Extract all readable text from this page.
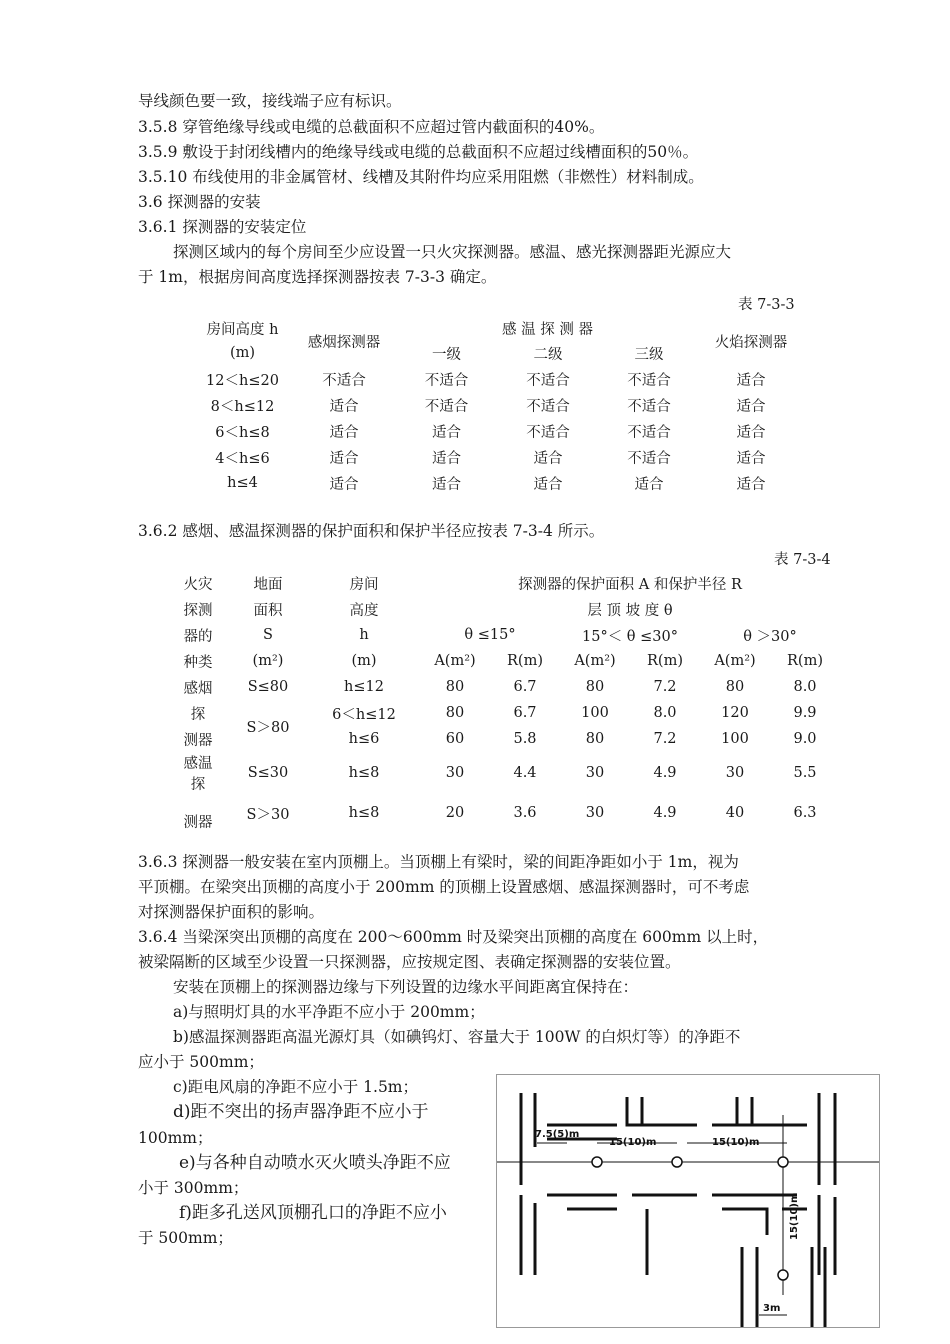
导线颜色要一致，接线端子应有标识。
3.5.8 穿管绝缘导线或电缆的总截面积不应超过管内截面积的40%。
3.5.9 敷设于封闭线槽内的绝缘导线或电缆的总截面积不应超过线槽面积的50％。
3.5.10 布线使用的非金属管材、线槽及其附件均应采用阻燃（非燃性）材料制成。
3.6 探测器的安装
3.6.1 探测器的安装定位
探测区域内的每个房间至少应设置一只火灾探测器。感温、感光探测器距光源应大
于 1m，根据房间高度选择探测器按表 7-3-3 确定。
表 7-3-3
房间高度 h	感烟探测器	感 温 探 测 器			火焰探测器
(m)		一级	二级	三级	
12＜h≤20	不适合	不适合	不适合	不适合	适合
8＜h≤12	适合	不适合	不适合	不适合	适合
6＜h≤8	适合	适合	不适合	不适合	适合
4＜h≤6	适合	适合	适合	不适合	适合
h≤4	适合	适合	适合	适合	适合
3.6.2 感烟、感温探测器的保护面积和保护半径应按表 7-3-4 所示。
表 7-3-4
火灾	地面	房间	探测器的保护面积 A 和保护半径 R					
探测	面积	高度	层 顶 坡 度 θ					
器的	S	h	θ ≤15°		15°＜ θ ≤30°		θ ＞30°	
种类	(m²)	(m)	A(m²)	R(m)	A(m²)	R(m)	A(m²)	R(m)
感烟	S≤80	h≤12	80	6.7	80	7.2	80	8.0
探	S＞80	6＜h≤12	80	6.7	100	8.0	120	9.9
测器		h≤6	60	5.8	80	7.2	100	9.0

感温
探	S≤30	h≤8	30	4.4	30	4.9	30	5.5
测器	S＞30	h≤8	20	3.6	30	4.9	40	6.3
3.6.3 探测器一般安装在室内顶棚上。当顶棚上有梁时，梁的间距净距如小于 1m，视为
平顶棚。在梁突出顶棚的高度小于 200mm 的顶棚上设置感烟、感温探测器时，可不考虑
对探测器保护面积的影响。
3.6.4 当梁深突出顶棚的高度在 200～600mm 时及梁突出顶棚的高度在 600mm 以上时，
被梁隔断的区域至少设置一只探测器，应按规定图、表确定探测器的安装位置。
安装在顶棚上的探测器边缘与下列设置的边缘水平间距离宜保持在：
a)与照明灯具的水平净距不应小于 200mm；
b)感温探测器距高温光源灯具（如碘钨灯、容量大于 100W 的白炽灯等）的净距不
应小于 500mm；
c)距电风扇的净距不应小于 1.5m；
d)距不突出的扬声器净距不应小于
100mm；
e)与各种自动喷水灭火喷头净距不应
小于 300mm；
f)距多孔送风顶棚孔口的净距不应小
于 500mm；
7.5(5)m
15(10)m	15(10)m
15(10)m
3m
